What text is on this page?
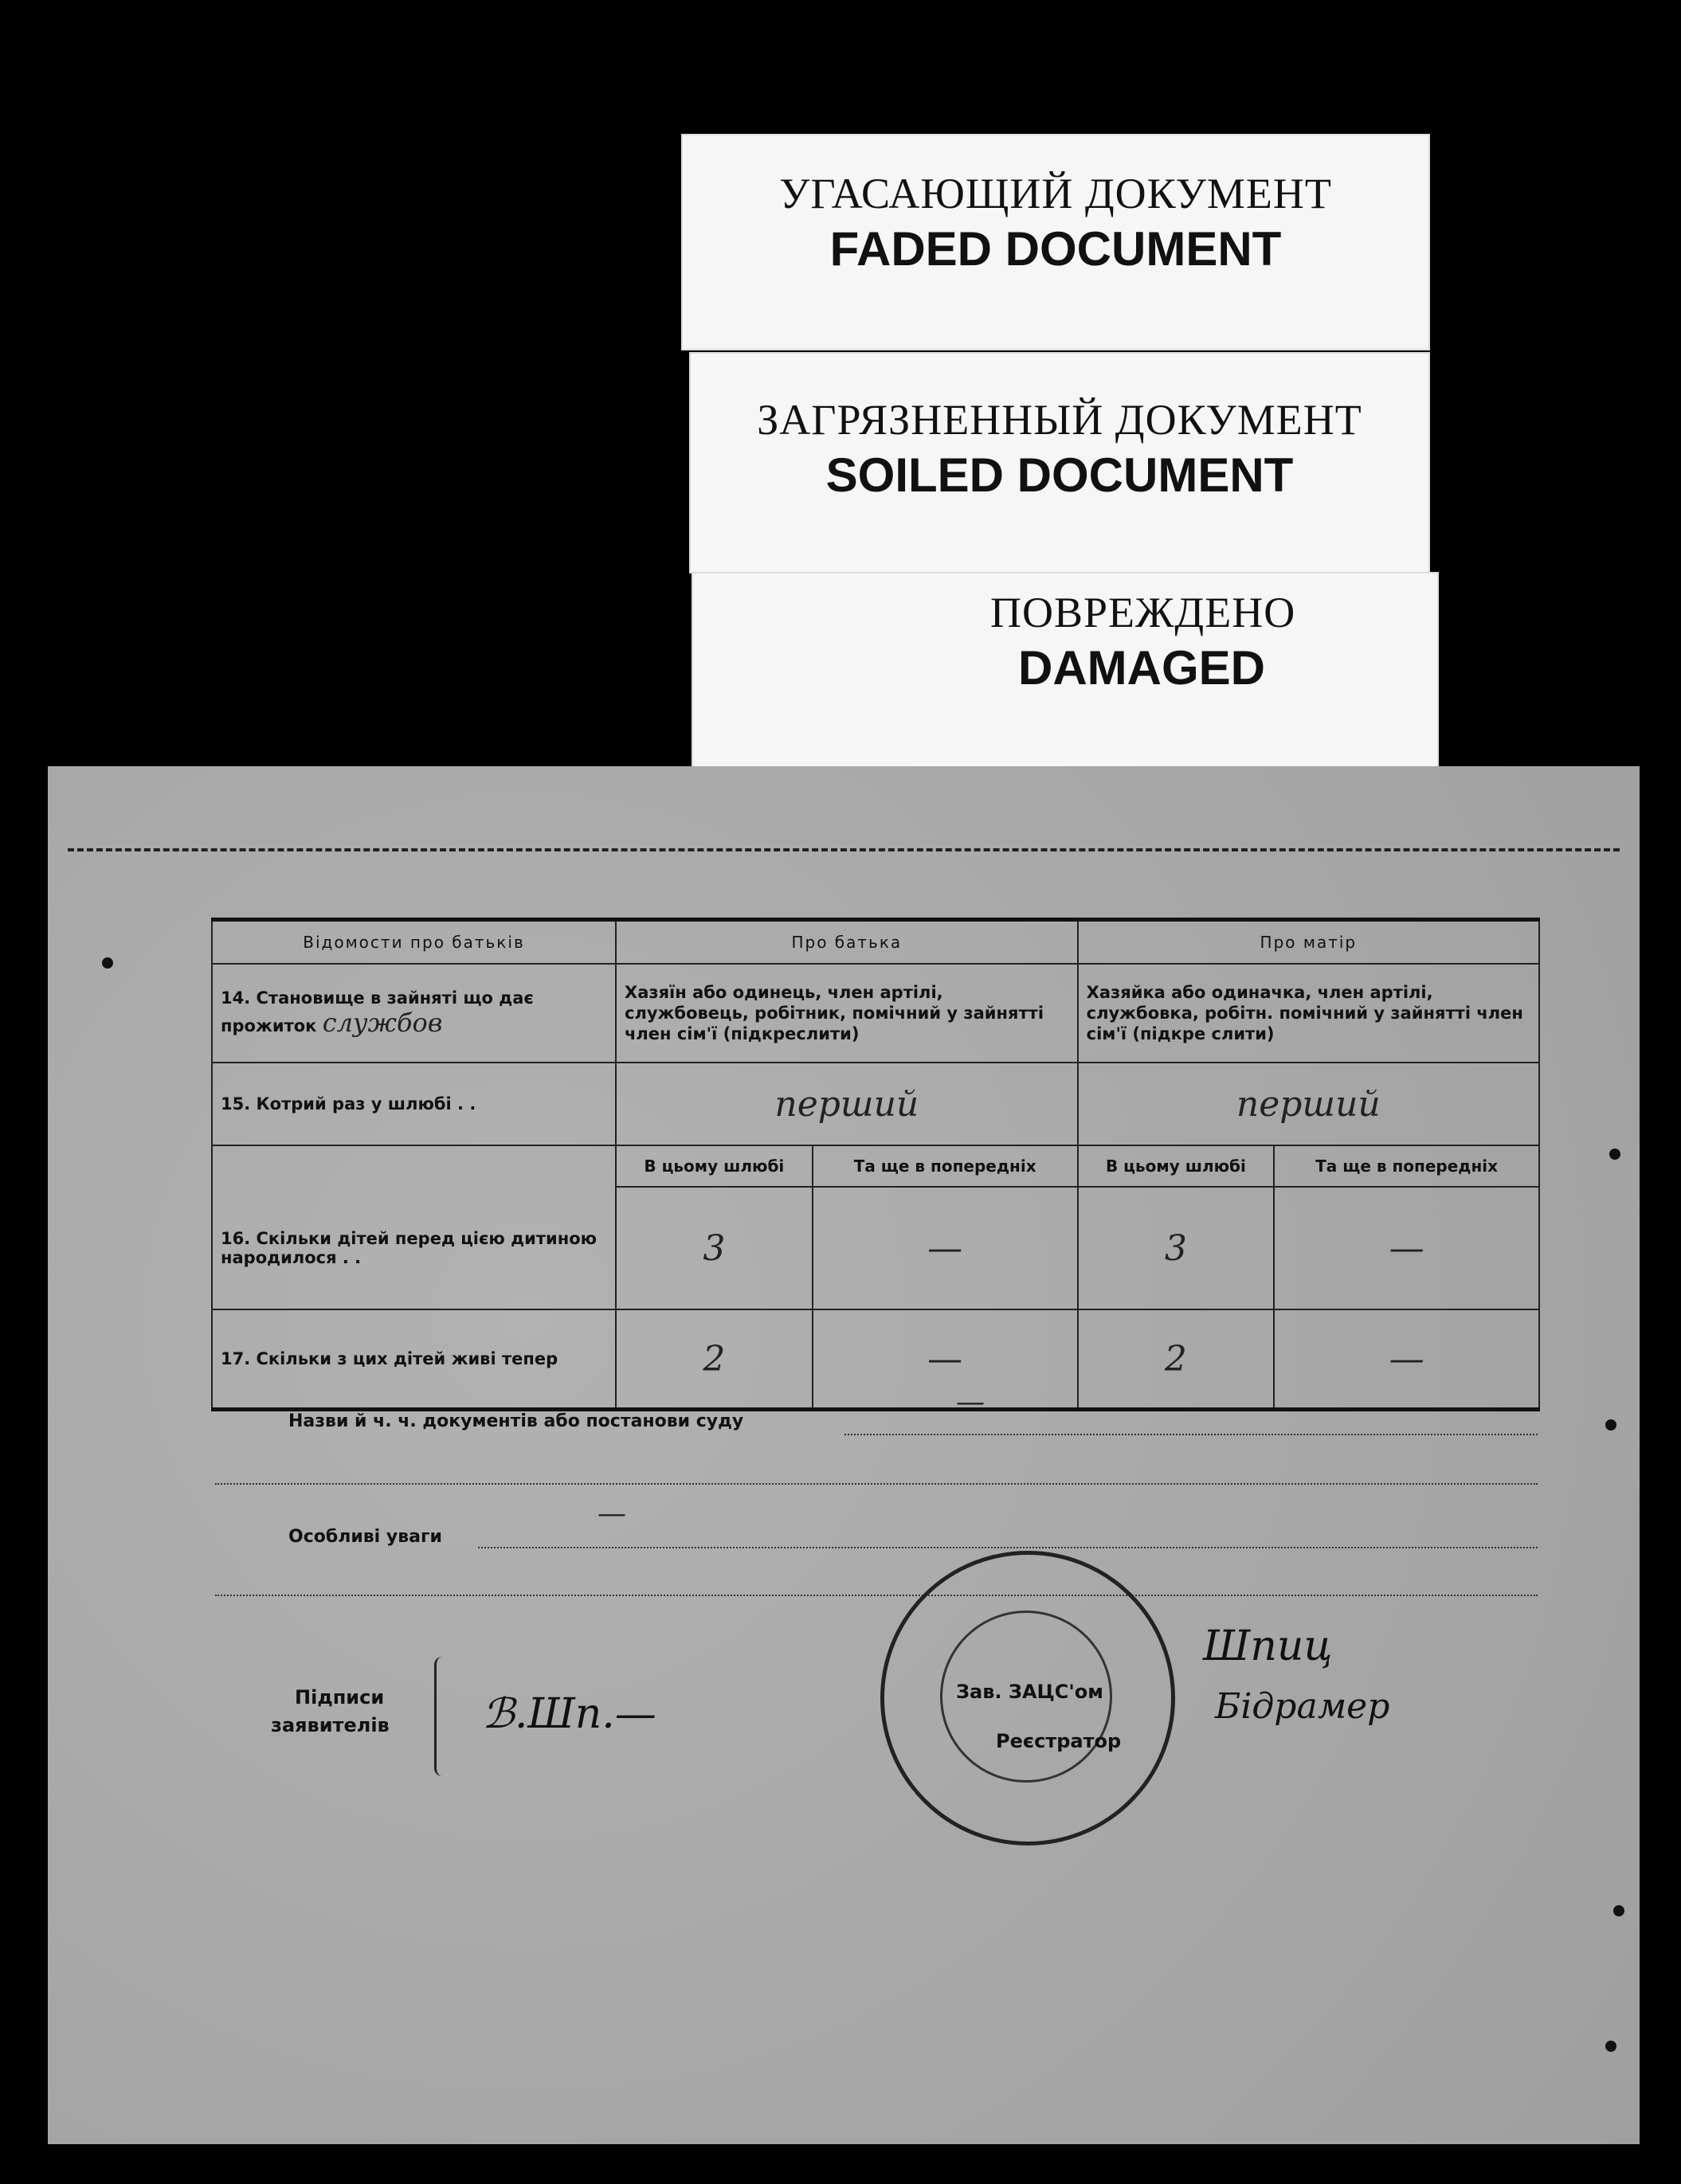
УГАСАЮЩИЙ ДОКУМЕНТ
FADED DOCUMENT
ЗАГРЯЗНЕННЫЙ ДОКУМЕНТ
SOILED DOCUMENT
ПОВРЕЖДЕНО
DAMAGED
Відомости про батьків	Про батька		Про матір	
14. Становище в зайняті що дає прожиток службов	Хазяїн або одинець, член артілі, службовець, робітник, помічний у зайнятті член сім'ї (підкреслити)		Хазяйка або одиначка, член артілі, службовка, робітн. помічний у зайнятті член сім'ї (підкре слити)	
15. Котрий раз у шлюбі . .	перший		перший	
	В цьому шлюбі	Та ще в попередніх	В цьому шлюбі	Та ще в попередніх
16. Скільки дітей перед цією дитиною народилося . .	3	—	3	—
17. Скільки з цих дітей живі тепер	2	—	2	—
Назви й ч. ч. документів або постанови суду
—
Особливі уваги
—
Підписи
заявителів ℬ.Шп.—	Зав. ЗАЦС'ом
Реєстратор
Шпиц
Бідрамер
